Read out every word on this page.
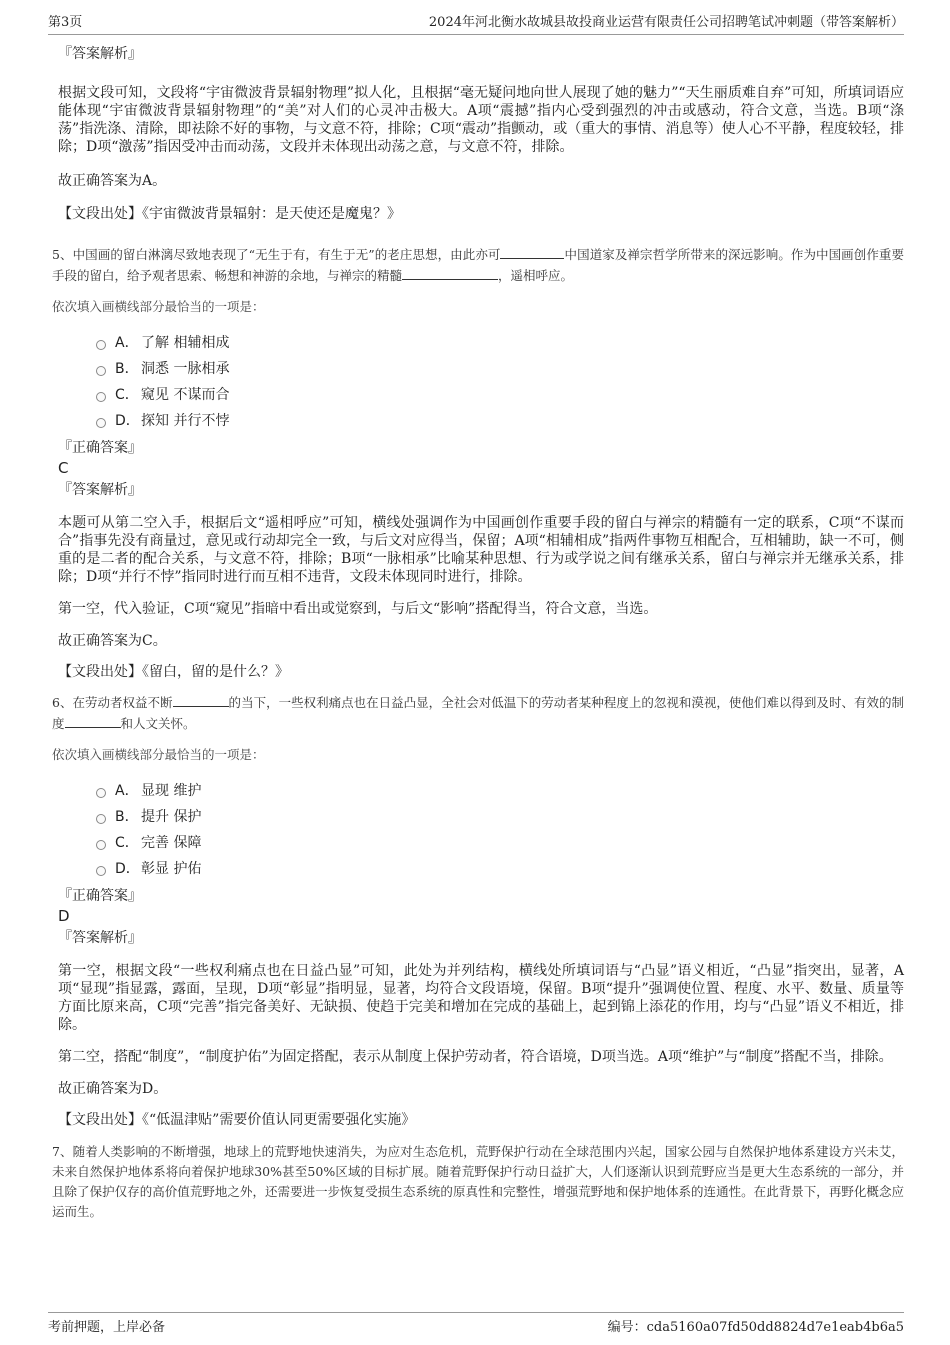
第3页	2024年河北衡水故城县故投商业运营有限责任公司招聘笔试冲刺题（带答案解析）
『答案解析』

根据文段可知，文段将“宇宙微波背景辐射物理”拟人化，且根据“毫无疑问地向世人展现了她的魅力”“天生丽质难自弃”可知，所填词语应能体现“宇宙微波背景辐射物理”的“美”对人们的心灵冲击极大。A项“震撼”指内心受到强烈的冲击或感动，符合文意，当选。B项“涤荡”指洗涤、清除，即祛除不好的事物，与文意不符，排除；C项“震动”指颤动，或（重大的事情、消息等）使人心不平静，程度较轻，排除；D项“激荡”指因受冲击而动荡，文段并未体现出动荡之意，与文意不符，排除。

故正确答案为A。

【文段出处】《宇宙微波背景辐射：是天使还是魔鬼？》

5、中国画的留白淋漓尽致地表现了“无生于有，有生于无”的老庄思想，由此亦可	中国道家及禅宗哲学所带来的深远影响。作为中国画创作重要手段的留白，给予观者思索、畅想和神游的余地，与禅宗的精髓	，遥相呼应。

依次填入画横线部分最恰当的一项是：

A． 了解 相辅相成
B． 洞悉 一脉相承
C． 窥见 不谋而合
D． 探知 并行不悖
『正确答案』
C
『答案解析』

本题可从第二空入手，根据后文“遥相呼应”可知，横线处强调作为中国画创作重要手段的留白与禅宗的精髓有一定的联系，C项“不谋而合”指事先没有商量过，意见或行动却完全一致，与后文对应得当，保留；A项“相辅相成”指两件事物互相配合，互相辅助，缺一不可，侧重的是二者的配合关系，与文意不符，排除；B项“一脉相承”比喻某种思想、行为或学说之间有继承关系，留白与禅宗并无继承关系，排除；D项“并行不悖”指同时进行而互相不违背，文段未体现同时进行，排除。

第一空，代入验证，C项“窥见”指暗中看出或觉察到，与后文“影响”搭配得当，符合文意，当选。

故正确答案为C。

【文段出处】《留白，留的是什么？》

6、在劳动者权益不断	的当下，一些权利痛点也在日益凸显，全社会对低温下的劳动者某种程度上的忽视和漠视，使他们难以得到及时、有效的制度	和人文关怀。

依次填入画横线部分最恰当的一项是：

A． 显现 维护
B． 提升 保护
C． 完善 保障
D． 彰显 护佑
『正确答案』
D
『答案解析』

第一空，根据文段“一些权利痛点也在日益凸显”可知，此处为并列结构，横线处所填词语与“凸显”语义相近，“凸显”指突出，显著，A项“显现”指显露，露面，呈现，D项“彰显”指明显，显著，均符合文段语境，保留。B项“提升”强调使位置、程度、水平、数量、质量等方面比原来高，C项“完善”指完备美好、无缺损、使趋于完美和增加在完成的基础上，起到锦上添花的作用，均与“凸显”语义不相近，排除。

第二空，搭配“制度”，“制度护佑”为固定搭配，表示从制度上保护劳动者，符合语境，D项当选。A项“维护”与“制度”搭配不当，排除。

故正确答案为D。

【文段出处】《“低温津贴”需要价值认同更需要强化实施》

7、随着人类影响的不断增强，地球上的荒野地快速消失，为应对生态危机，荒野保护行动在全球范围内兴起，国家公园与自然保护地体系建设方兴未艾，未来自然保护地体系将向着保护地球30%甚至50%区域的目标扩展。随着荒野保护行动日益扩大，人们逐渐认识到荒野应当是更大生态系统的一部分，并且除了保护仅存的高价值荒野地之外，还需要进一步恢复受损生态系统的原真性和完整性，增强荒野地和保护地体系的连通性。在此背景下，再野化概念应运而生。

考前押题，上岸必备	编号：cda5160a07fd50dd8824d7e1eab4b6a5
